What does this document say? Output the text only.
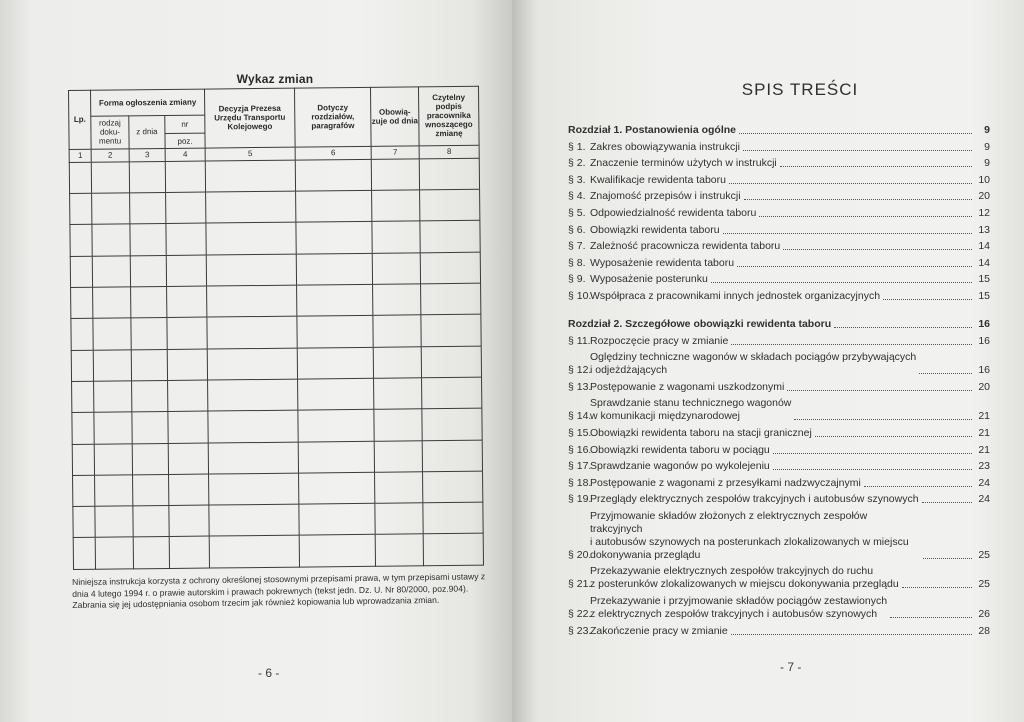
Wykaz zmian
Lp.	Forma ogłoszenia zmiany			Decyzja Prezesa Urzędu Transportu Kolejowego	Dotyczy rozdziałów, paragrafów	Obowią- zuje od dnia	Czytelny podpis pracownika wnoszącego zmianę
	rodzaj doku- mentu	z dnia	nr				
			poz.				
1	2	3	4	5	6	7	8

Niniejsza instrukcja korzysta z ochrony określonej stosownymi przepisami prawa, w tym przepisami ustawy z dnia 4 lutego 1994 r. o prawie autorskim i prawach pokrewnych (tekst jedn. Dz. U. Nr 80/2000, poz.904). Zabrania się jej udostępniania osobom trzecim jak również kopiowania lub wprowadzania zmian.
- 6 -
SPIS TREŚCI
Rozdział 1. Postanowienia ogólne	9
§ 1. Zakres obowiązywania instrukcji	9
§ 2. Znaczenie terminów użytych w instrukcji	9
§ 3. Kwalifikacje rewidenta taboru	10
§ 4. Znajomość przepisów i instrukcji	20
§ 5. Odpowiedzialność rewidenta taboru	12
§ 6. Obowiązki rewidenta taboru	13
§ 7. Zależność pracownicza rewidenta taboru	14
§ 8. Wyposażenie rewidenta taboru	14
§ 9. Wyposażenie posterunku	15
§ 10.
Współpraca z pracownikami innych jednostek organizacyjnych	15
Rozdział 2. Szczegółowe obowiązki rewidenta taboru	16
§ 11. Rozpoczęcie pracy w zmianie	16
§ 12.
Oględziny techniczne wagonów w składach pociągów przybywających
i odjeżdżających	16
§ 13.
Postępowanie z wagonami uszkodzonymi	20
§ 14.
Sprawdzanie stanu technicznego wagonów
w komunikacji międzynarodowej	21
§ 15.
Obowiązki rewidenta taboru na stacji granicznej	21
§ 16.
Obowiązki rewidenta taboru w pociągu	21
§ 17.
Sprawdzanie wagonów po wykolejeniu	23
§ 18.
Postępowanie z wagonami z przesyłkami nadzwyczajnymi	24
§ 19.
Przeglądy elektrycznych zespołów trakcyjnych i autobusów szynowych	24
§ 20.
Przyjmowanie składów złożonych z elektrycznych zespołów trakcyjnych
i autobusów szynowych na posterunkach zlokalizowanych w miejscu dokonywania przeglądu	25
§ 21.
Przekazywanie elektrycznych zespołów trakcyjnych do ruchu
z posterunków zlokalizowanych w miejscu dokonywania przeglądu	25
§ 22.
Przekazywanie i przyjmowanie składów pociągów zestawionych
z elektrycznych zespołów trakcyjnych i autobusów szynowych	26
§ 23.
Zakończenie pracy w zmianie	28
- 7 -
